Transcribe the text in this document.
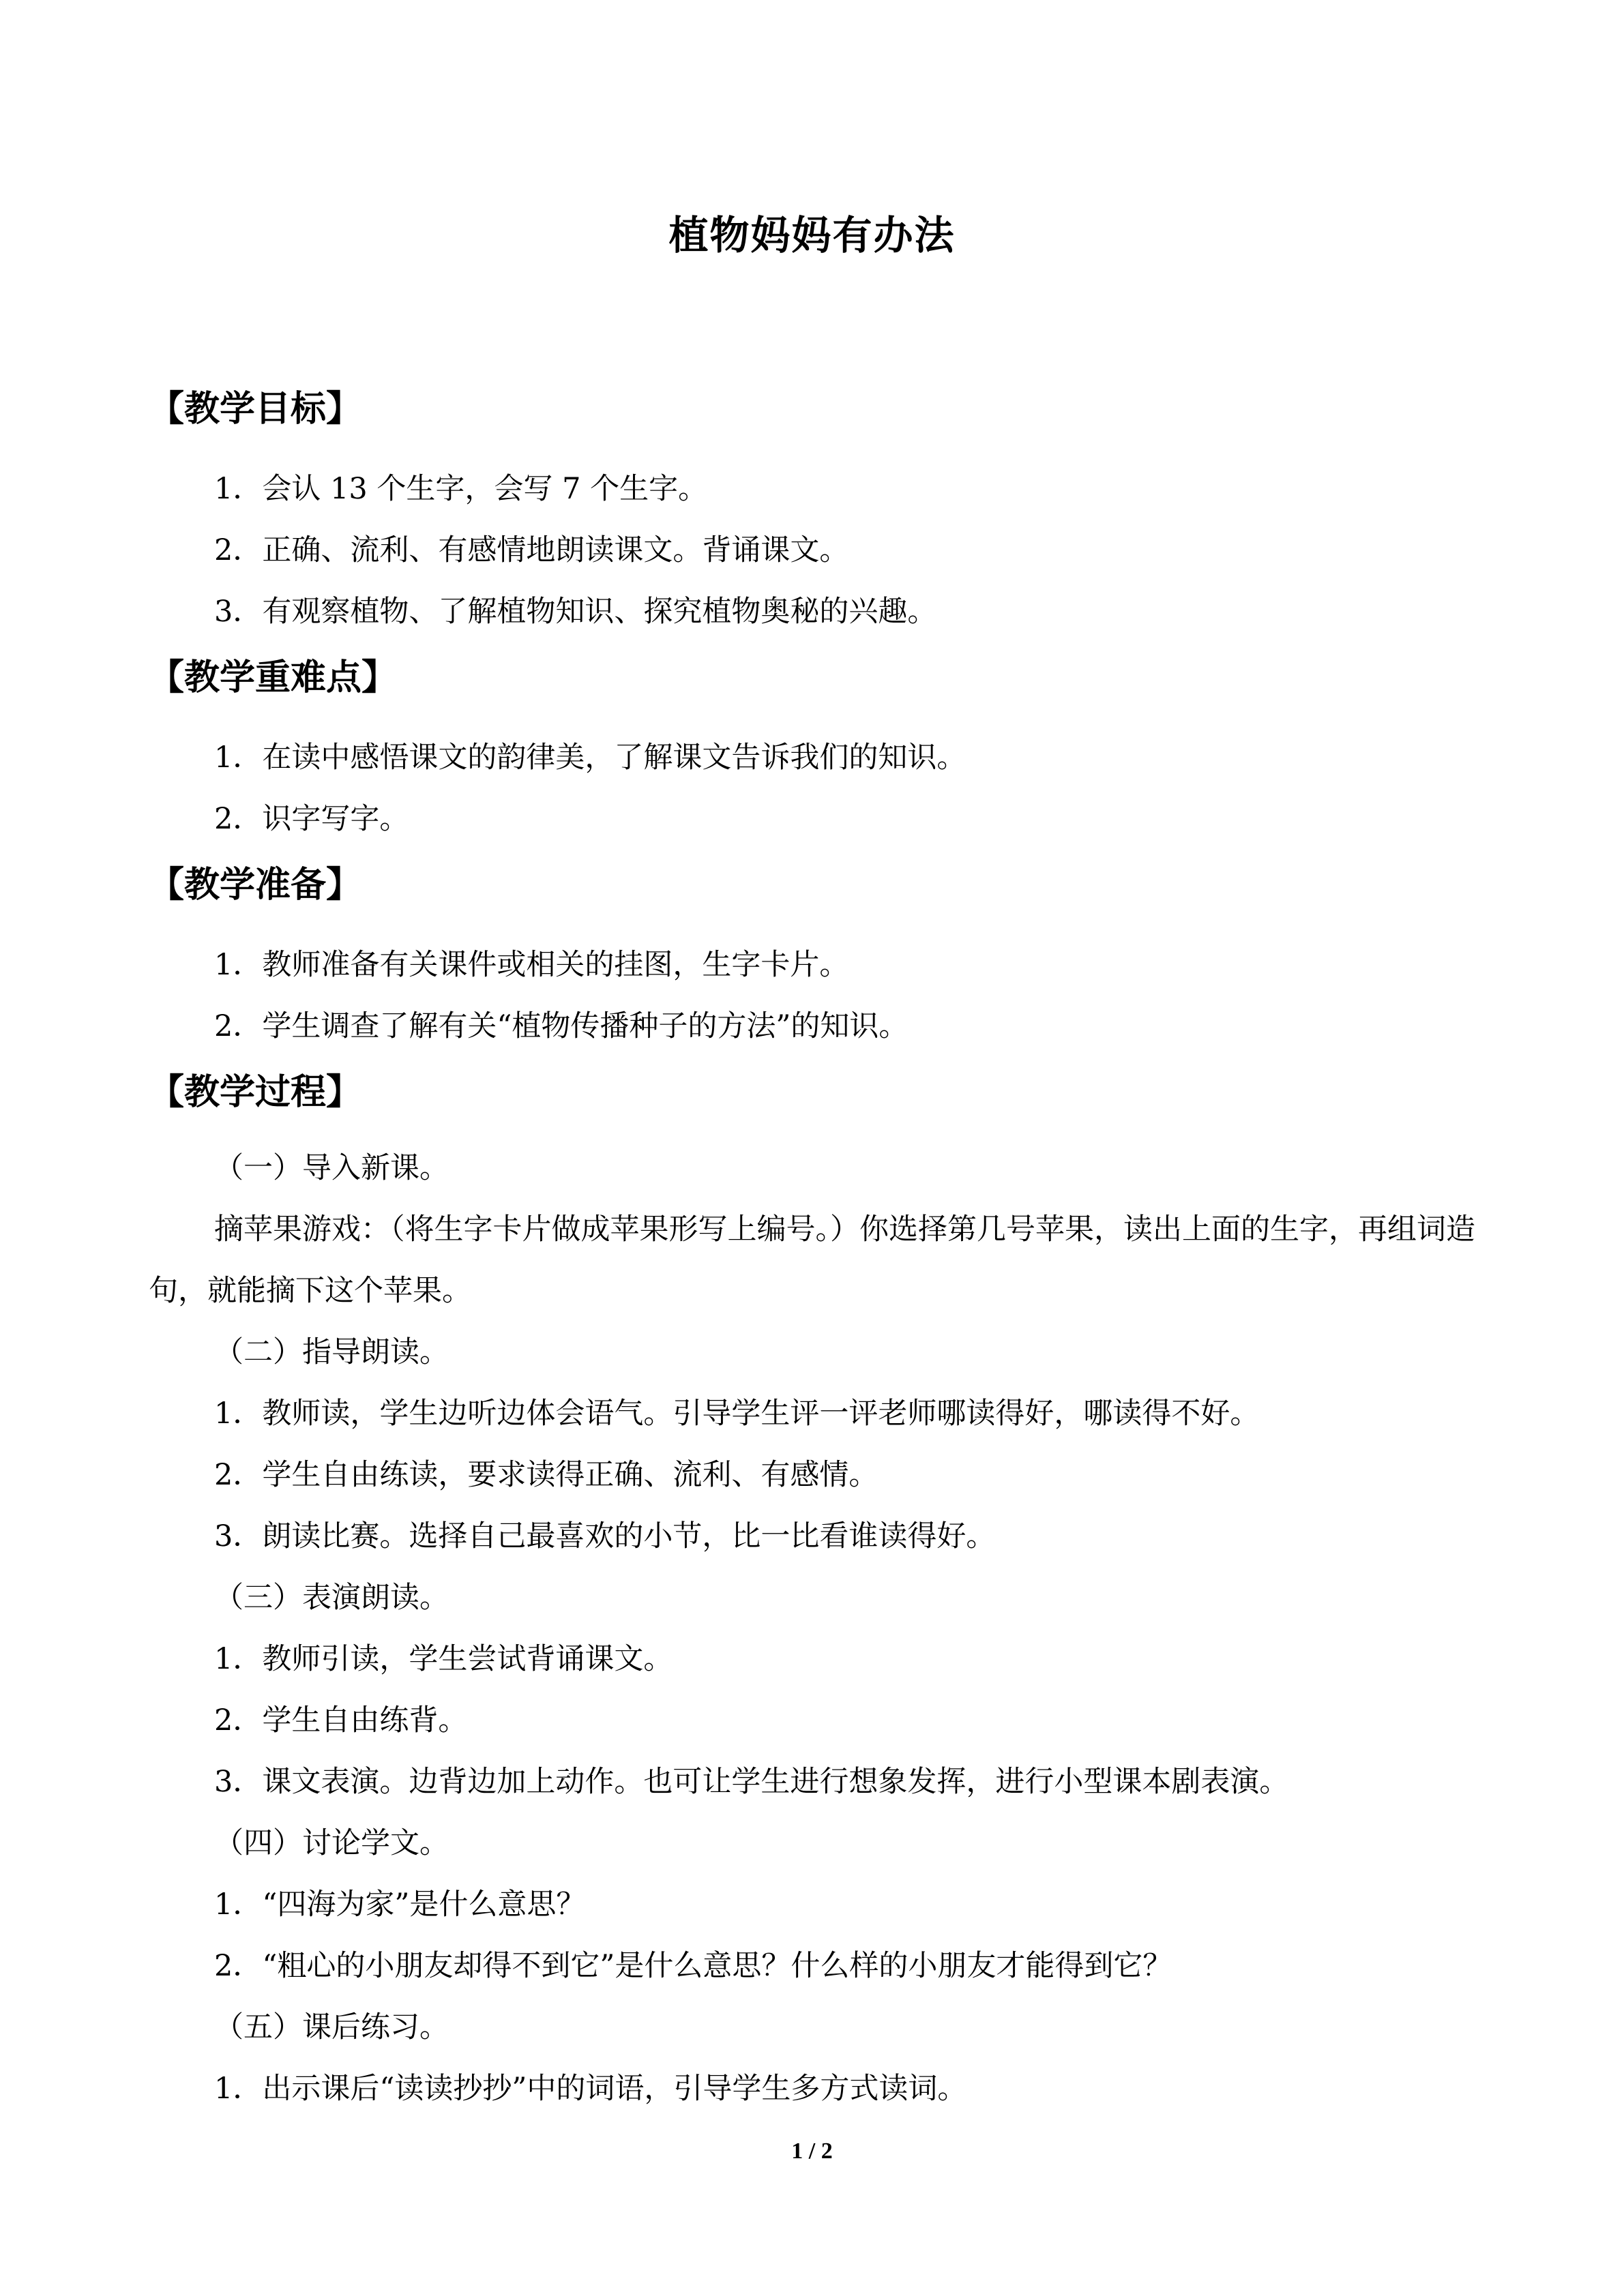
植物妈妈有办法
【教学目标】
1．会认 13 个生字，会写 7 个生字。
2．正确、流利、有感情地朗读课文。背诵课文。
3．有观察植物、了解植物知识、探究植物奥秘的兴趣。
【教学重难点】
1．在读中感悟课文的韵律美，了解课文告诉我们的知识。
2．识字写字。
【教学准备】
1．教师准备有关课件或相关的挂图，生字卡片。
2．学生调查了解有关“植物传播种子的方法”的知识。
【教学过程】
（一）导入新课。

摘苹果游戏：（将生字卡片做成苹果形写上编号。）你选择第几号苹果，读出上面的生字，再组词造句，就能摘下这个苹果。

（二）指导朗读。
1．教师读，学生边听边体会语气。引导学生评一评老师哪读得好，哪读得不好。
2．学生自由练读，要求读得正确、流利、有感情。
3．朗读比赛。选择自己最喜欢的小节，比一比看谁读得好。
（三）表演朗读。
1．教师引读，学生尝试背诵课文。
2．学生自由练背。
3．课文表演。边背边加上动作。也可让学生进行想象发挥，进行小型课本剧表演。
（四）讨论学文。
1．“四海为家”是什么意思？
2．“粗心的小朋友却得不到它”是什么意思？什么样的小朋友才能得到它？
（五）课后练习。
1．出示课后“读读抄抄”中的词语，引导学生多方式读词。
1 / 2
